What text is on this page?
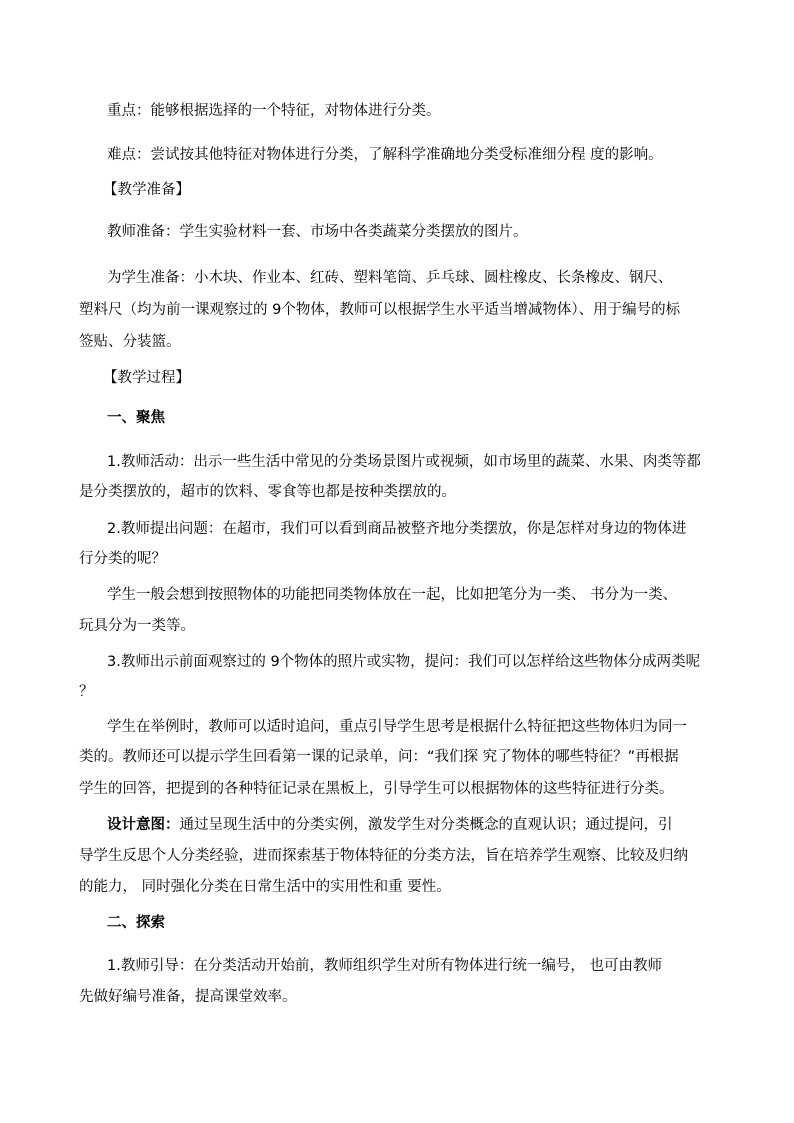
重点：能够根据选择的一个特征，对物体进行分类。
难点：尝试按其他特征对物体进行分类，了解科学准确地分类受标准细分程 度的影响。
【教学准备】
教师准备：学生实验材料一套、市场中各类蔬菜分类摆放的图片。
为学生准备：小木块、作业本、红砖、塑料笔筒、乒乓球、圆柱橡皮、长条橡皮、钢尺、
塑料尺（均为前一课观察过的 9个物体，教师可以根据学生水平适当增减物体）、用于编号的标
签贴、分装篮。
【教学过程】
一、聚焦
1.教师活动：出示一些生活中常见的分类场景图片或视频，如市场里的蔬菜、水果、肉类等都
是分类摆放的，超市的饮料、零食等也都是按种类摆放的。
2.教师提出问题：在超市，我们可以看到商品被整齐地分类摆放，你是怎样对身边的物体进
行分类的呢？
学生一般会想到按照物体的功能把同类物体放在一起，比如把笔分为一类、 书分为一类、
玩具分为一类等。
3.教师出示前面观察过的 9个物体的照片或实物，提问：我们可以怎样给这些物体分成两类呢
？
学生在举例时，教师可以适时追问，重点引导学生思考是根据什么特征把这些物体归为同一
类的。教师还可以提示学生回看第一课的记录单，问：“我们探 究了物体的哪些特征？”再根据
学生的回答，把提到的各种特征记录在黑板上，引导学生可以根据物体的这些特征进行分类。
设计意图：通过呈现生活中的分类实例，激发学生对分类概念的直观认识；通过提问，引
导学生反思个人分类经验，进而探索基于物体特征的分类方法，旨在培养学生观察、比较及归纳
的能力， 同时强化分类在日常生活中的实用性和重 要性。
二、探索
1.教师引导：在分类活动开始前，教师组织学生对所有物体进行统一编号， 也可由教师
先做好编号准备，提高课堂效率。
